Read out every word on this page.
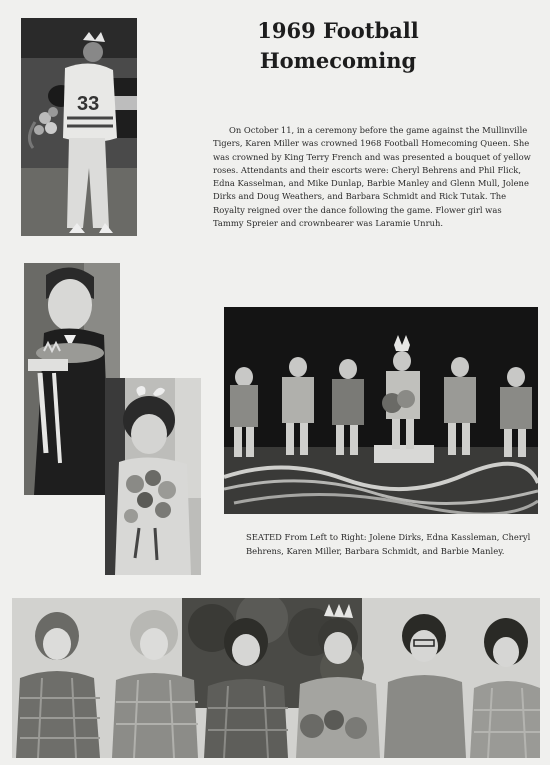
33
1969 Football
Homecoming
On October 11, in a ceremony before the game against the Mullinville Tigers, Karen Miller was crowned 1968 Football Homecoming Queen. She was crowned by King Terry French and was presented a bouquet of yellow roses. Attendants and their escorts were: Cheryl Behrens and Phil Flick, Edna Kasselman, and Mike Dunlap, Barbie Manley and Glenn Mull, Jolene Dirks and Doug Weathers, and Barbara Schmidt and Rick Tutak. The Royalty reigned over the dance following the game. Flower girl was Tammy Spreier and crownbearer was Laramie Unruh.
SEATED From Left to Right: Jolene Dirks, Edna Kassleman, Cheryl Behrens, Karen Miller, Barbara Schmidt, and Barbie Manley.
